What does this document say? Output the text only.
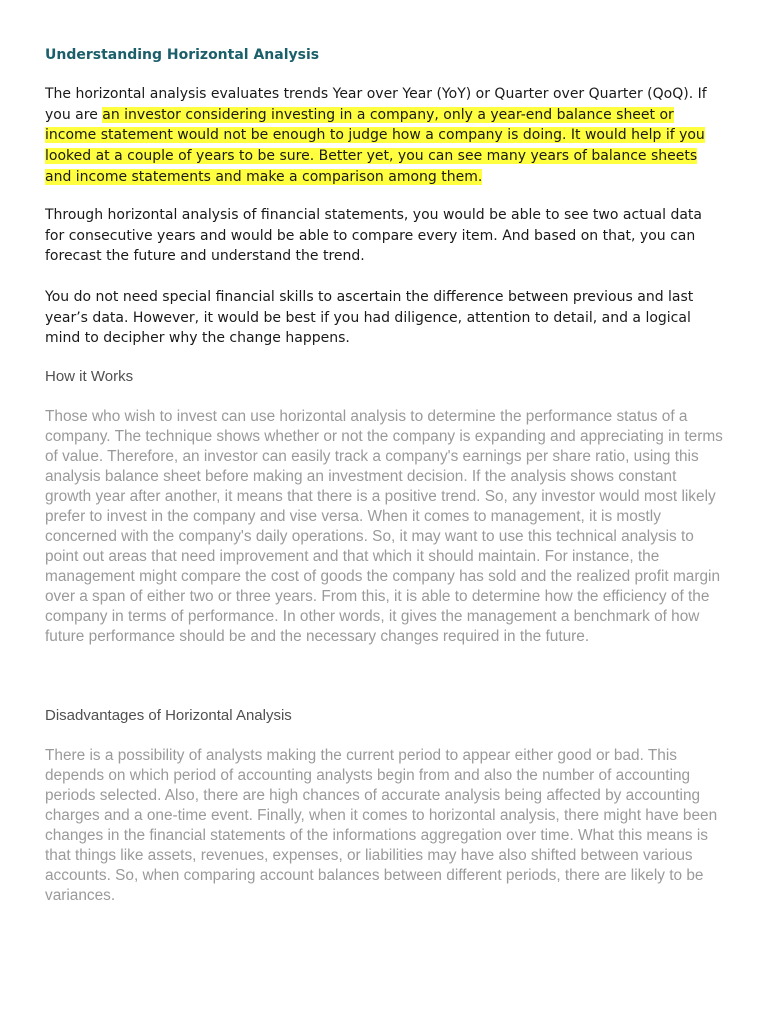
Understanding Horizontal Analysis

The horizontal analysis evaluates trends Year over Year (YoY) or Quarter over Quarter (QoQ). If you are an investor considering investing in a company, only a year-end balance sheet or income statement would not be enough to judge how a company is doing. It would help if you looked at a couple of years to be sure. Better yet, you can see many years of balance sheets and income statements and make a comparison among them.

Through horizontal analysis of financial statements, you would be able to see two actual data for consecutive years and would be able to compare every item. And based on that, you can forecast the future and understand the trend.

You do not need special financial skills to ascertain the difference between previous and last year’s data. However, it would be best if you had diligence, attention to detail, and a logical mind to decipher why the change happens.

How it Works

Those who wish to invest can use horizontal analysis to determine the performance status of a company. The technique shows whether or not the company is expanding and appreciating in terms of value. Therefore, an investor can easily track a company's earnings per share ratio, using this analysis balance sheet before making an investment decision. If the analysis shows constant growth year after another, it means that there is a positive trend. So, any investor would most likely prefer to invest in the company and vise versa. When it comes to management, it is mostly concerned with the company's daily operations. So, it may want to use this technical analysis to point out areas that need improvement and that which it should maintain. For instance, the management might compare the cost of goods the company has sold and the realized profit margin over a span of either two or three years. From this, it is able to determine how the efficiency of the company in terms of performance. In other words, it gives the management a benchmark of how future performance should be and the necessary changes required in the future.

Disadvantages of Horizontal Analysis

There is a possibility of analysts making the current period to appear either good or bad. This depends on which period of accounting analysts begin from and also the number of accounting periods selected. Also, there are high chances of accurate analysis being affected by accounting charges and a one-time event. Finally, when it comes to horizontal analysis, there might have been changes in the financial statements of the informations aggregation over time. What this means is that things like assets, revenues, expenses, or liabilities may have also shifted between various accounts. So, when comparing account balances between different periods, there are likely to be variances.
